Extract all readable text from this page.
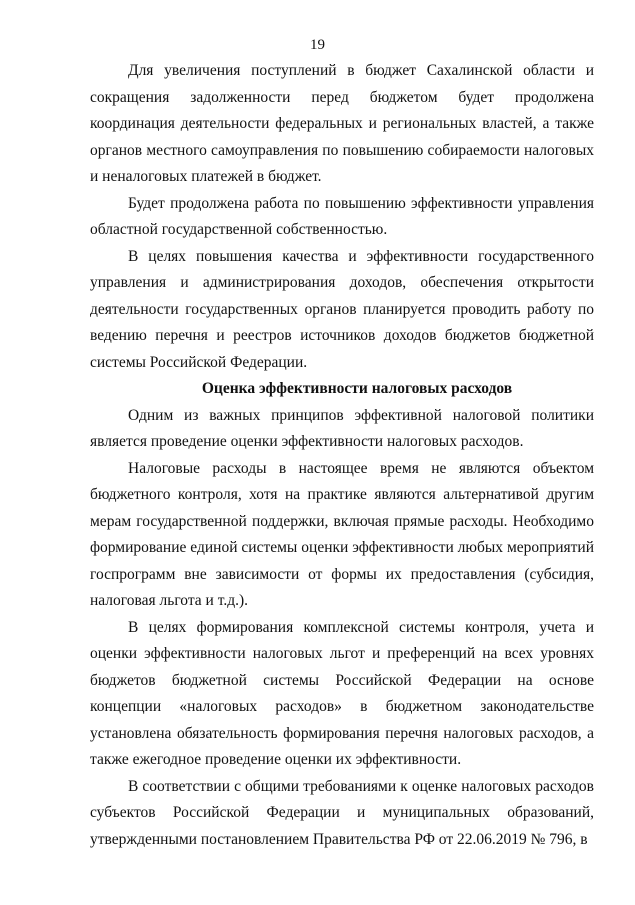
19

Для увеличения поступлений в бюджет Сахалинской области и сокращения задолженности перед бюджетом будет продолжена координация деятельности федеральных и региональных властей, а также органов местного самоуправления по повышению собираемости налоговых и неналоговых платежей в бюджет.

Будет продолжена работа по повышению эффективности управления областной государственной собственностью.

В целях повышения качества и эффективности государственного управления и администрирования доходов, обеспечения открытости деятельности государственных органов планируется проводить работу по ведению перечня и реестров источников доходов бюджетов бюджетной системы Российской Федерации.

Оценка эффективности налоговых расходов

Одним из важных принципов эффективной налоговой политики является проведение оценки эффективности налоговых расходов.

Налоговые расходы в настоящее время не являются объектом бюджетного контроля, хотя на практике являются альтернативой другим мерам государственной поддержки, включая прямые расходы. Необходимо формирование единой системы оценки эффективности любых мероприятий госпрограмм вне зависимости от формы их предоставления (субсидия, налоговая льгота и т.д.).

В целях формирования комплексной системы контроля, учета и оценки эффективности налоговых льгот и преференций на всех уровнях бюджетов бюджетной системы Российской Федерации на основе концепции «налоговых расходов» в бюджетном законодательстве установлена обязательность формирования перечня налоговых расходов, а также ежегодное проведение оценки их эффективности.

В соответствии с общими требованиями к оценке налоговых расходов субъектов Российской Федерации и муниципальных образований, утвержденными постановлением Правительства РФ от 22.06.2019 № 796, в
